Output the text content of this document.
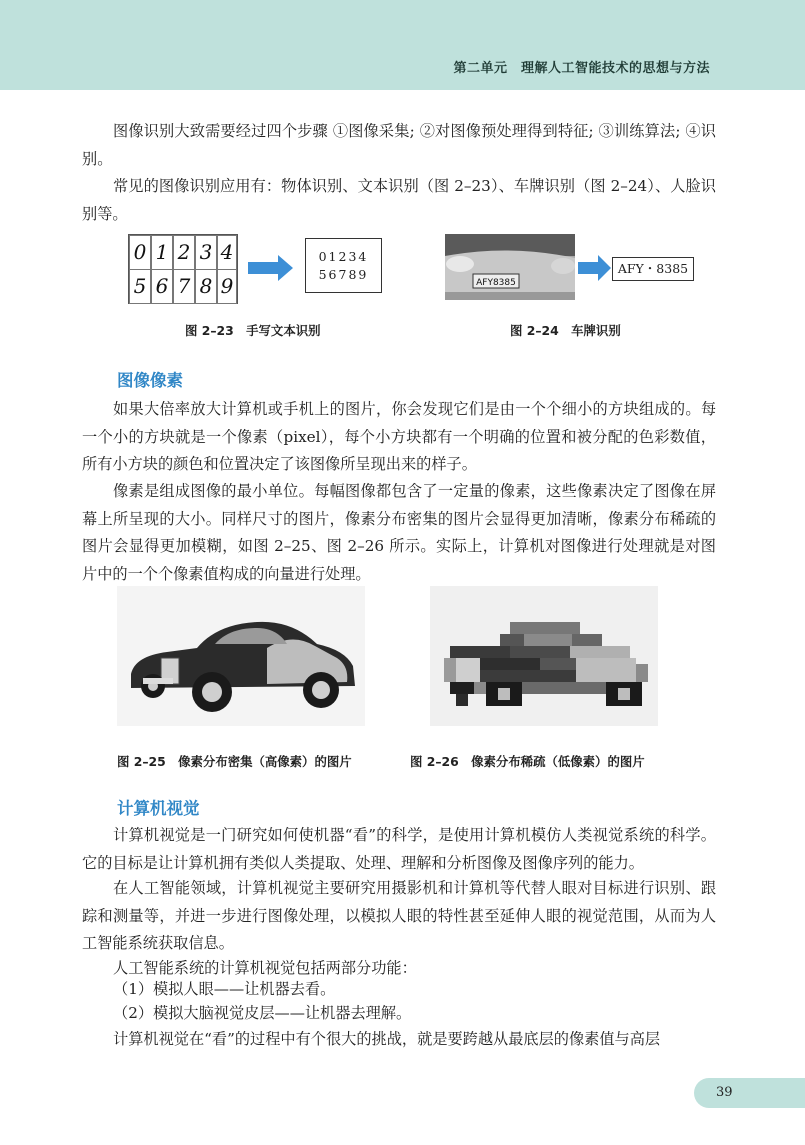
第二单元　理解人工智能技术的思想与方法

图像识别大致需要经过四个步骤 ①图像采集; ②对图像预处理得到特征; ③训练算法; ④识别。

常见的图像识别应用有：物体识别、文本识别（图 2–23）、车牌识别（图 2–24）、人脸识别等。

0 1 2 3 4
5 6 7 8 9
01234
56789
AFY8385
AFY・8385
图 2–23　手写文本识别	图 2–24　车牌识别
图像像素

如果大倍率放大计算机或手机上的图片，你会发现它们是由一个个细小的方块组成的。每一个小的方块就是一个像素（pixel），每个小方块都有一个明确的位置和被分配的色彩数值，所有小方块的颜色和位置决定了该图像所呈现出来的样子。

像素是组成图像的最小单位。每幅图像都包含了一定量的像素，这些像素决定了图像在屏幕上所呈现的大小。同样尺寸的图片，像素分布密集的图片会显得更加清晰，像素分布稀疏的图片会显得更加模糊，如图 2–25、图 2–26 所示。实际上，计算机对图像进行处理就是对图片中的一个个像素值构成的向量进行处理。

图 2–25　像素分布密集（高像素）的图片	图 2–26　像素分布稀疏（低像素）的图片
计算机视觉

计算机视觉是一门研究如何使机器“看”的科学，是使用计算机模仿人类视觉系统的科学。它的目标是让计算机拥有类似人类提取、处理、理解和分析图像及图像序列的能力。

在人工智能领域，计算机视觉主要研究用摄影机和计算机等代替人眼对目标进行识别、跟踪和测量等，并进一步进行图像处理，以模拟人眼的特性甚至延伸人眼的视觉范围，从而为人工智能系统获取信息。

人工智能系统的计算机视觉包括两部分功能：

（1）模拟人眼——让机器去看。

（2）模拟大脑视觉皮层——让机器去理解。

计算机视觉在“看”的过程中有个很大的挑战，就是要跨越从最底层的像素值与高层

39
